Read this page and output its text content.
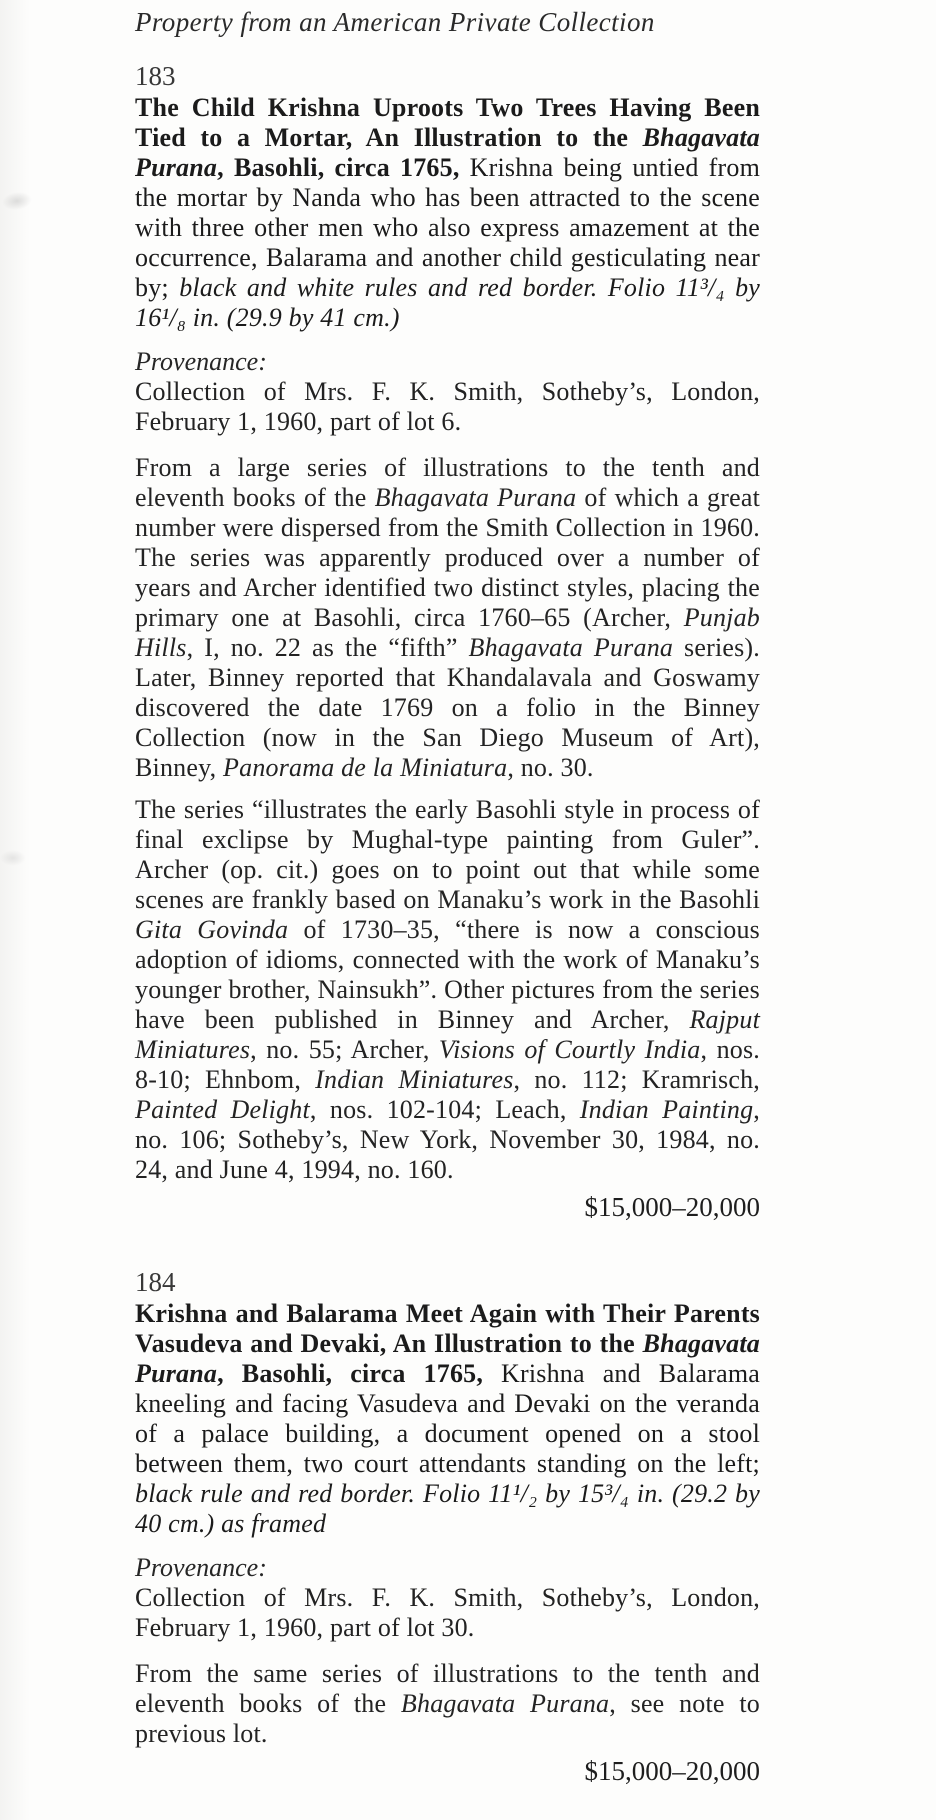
Property from an American Private Collection

183

The Child Krishna Uproots Two Trees Having Been Tied to a Mortar, An Illustration to the Bhagavata Purana, Basohli, circa 1765, Krishna being untied from the mortar by Nanda who has been attracted to the scene with three other men who also express amazement at the occurrence, Balarama and another child gesticulating near by; black and white rules and red border. Folio 11³/₄ by 16¹/₈ in. (29.9 by 41 cm.)

Provenance:

Collection of Mrs. F. K. Smith, Sotheby’s, London, February 1, 1960, part of lot 6.

From a large series of illustrations to the tenth and eleventh books of the Bhagavata Purana of which a great number were dispersed from the Smith Collection in 1960. The series was apparently produced over a number of years and Archer identified two distinct styles, placing the primary one at Basohli, circa 1760–65 (Archer, Punjab Hills, I, no. 22 as the “fifth” Bhagavata Purana series). Later, Binney reported that Khandalavala and Goswamy discovered the date 1769 on a folio in the Binney Collection (now in the San Diego Museum of Art), Binney, Panorama de la Miniatura, no. 30.

The series “illustrates the early Basohli style in process of final exclipse by Mughal-type painting from Guler”. Archer (op. cit.) goes on to point out that while some scenes are frankly based on Manaku’s work in the Basohli Gita Govinda of 1730–35, “there is now a conscious adoption of idioms, connected with the work of Manaku’s younger brother, Nainsukh”. Other pictures from the series have been published in Binney and Archer, Rajput Miniatures, no. 55; Archer, Visions of Courtly India, nos. 8-10; Ehnbom, Indian Miniatures, no. 112; Kramrisch, Painted Delight, nos. 102-104; Leach, Indian Painting, no. 106; Sotheby’s, New York, November 30, 1984, no. 24, and June 4, 1994, no. 160.

$15,000–20,000

184

Krishna and Balarama Meet Again with Their Parents Vasudeva and Devaki, An Illustration to the Bhagavata Purana, Basohli, circa 1765, Krishna and Balarama kneeling and facing Vasudeva and Devaki on the veranda of a palace building, a document opened on a stool between them, two court attendants standing on the left; black rule and red border. Folio 11¹/₂ by 15³/₄ in. (29.2 by 40 cm.) as framed

Provenance:

Collection of Mrs. F. K. Smith, Sotheby’s, London, February 1, 1960, part of lot 30.

From the same series of illustrations to the tenth and eleventh books of the Bhagavata Purana, see note to previous lot.

$15,000–20,000
